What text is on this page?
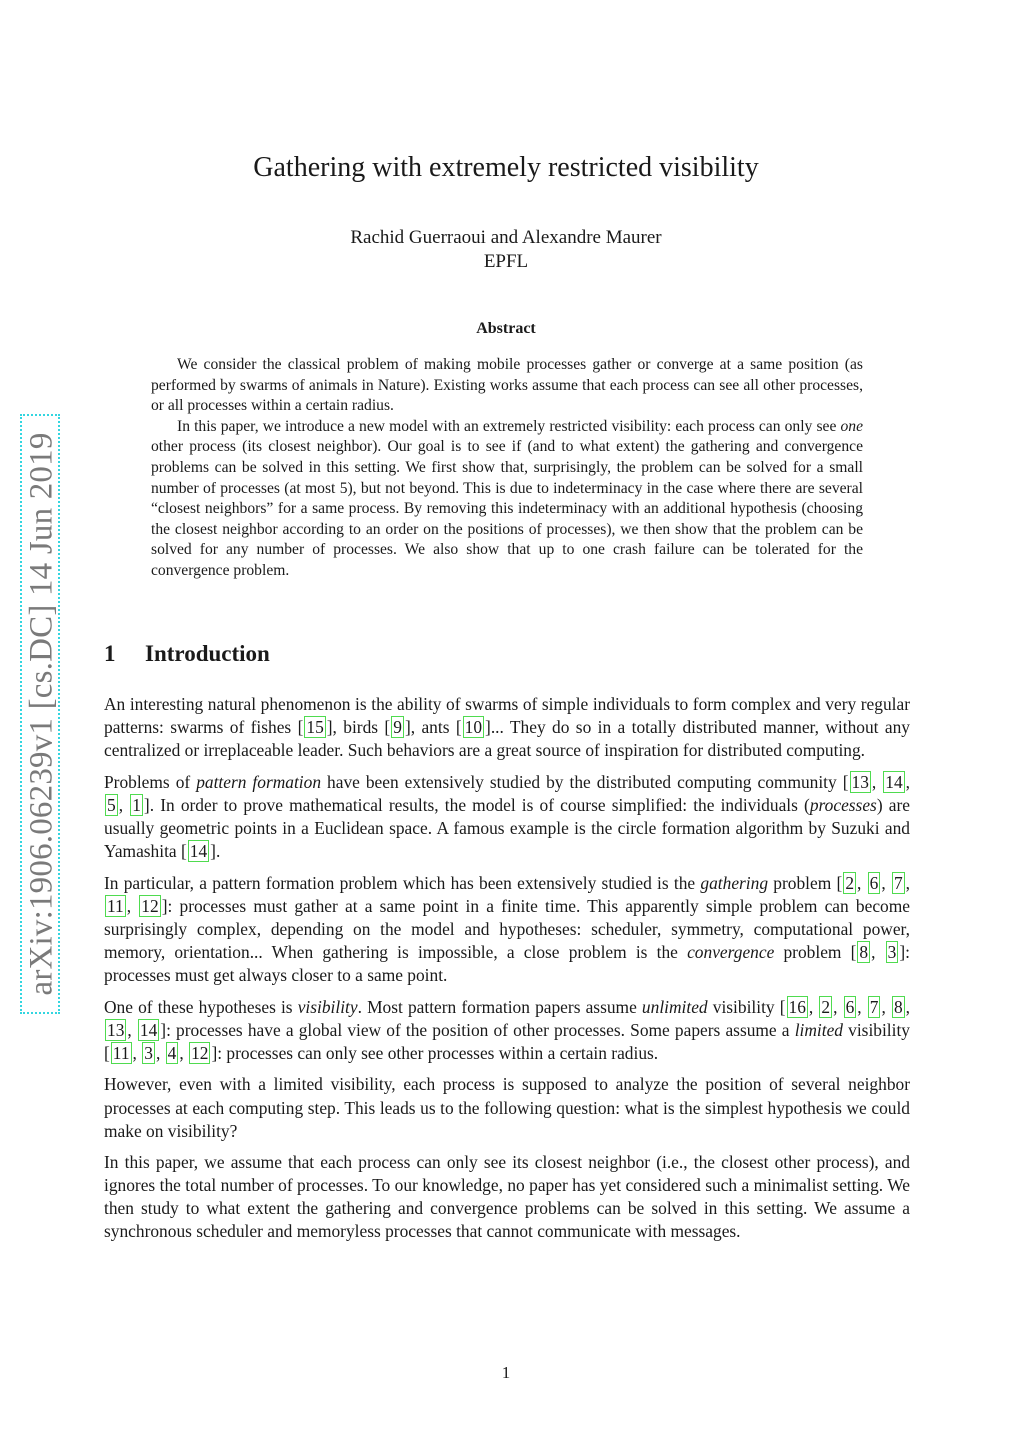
arXiv:1906.06239v1 [cs.DC] 14 Jun 2019
Gathering with extremely restricted visibility
Rachid Guerraoui and Alexandre Maurer
EPFL
Abstract

We consider the classical problem of making mobile processes gather or converge at a same position (as performed by swarms of animals in Nature). Existing works assume that each process can see all other processes, or all processes within a certain radius.

In this paper, we introduce a new model with an extremely restricted visibility: each process can only see one other process (its closest neighbor). Our goal is to see if (and to what extent) the gathering and convergence problems can be solved in this setting. We first show that, surprisingly, the problem can be solved for a small number of processes (at most 5), but not beyond. This is due to indeterminacy in the case where there are several “closest neighbors” for a same process. By removing this indeterminacy with an additional hypothesis (choosing the closest neighbor according to an order on the positions of processes), we then show that the problem can be solved for any number of processes. We also show that up to one crash failure can be tolerated for the convergence problem.

1 Introduction

An interesting natural phenomenon is the ability of swarms of simple individuals to form complex and very regular patterns: swarms of fishes [ 15 ], birds [ 9 ], ants [ 10 ]... They do so in a totally distributed manner, without any centralized or irreplaceable leader. Such behaviors are a great source of inspiration for distributed computing.

Problems of pattern formation have been extensively studied by the distributed computing community [ 13 , 14 , 5 , 1 ]. In order to prove mathematical results, the model is of course simplified: the individuals (processes) are usually geometric points in a Euclidean space. A famous example is the circle formation algorithm by Suzuki and Yamashita [ 14 ].

In particular, a pattern formation problem which has been extensively studied is the gathering problem [ 2 , 6 , 7 , 11 , 12 ]: processes must gather at a same point in a finite time. This apparently simple problem can become surprisingly complex, depending on the model and hypotheses: scheduler, symmetry, computational power, memory, orientation... When gathering is impossible, a close problem is the convergence problem [ 8 , 3 ]: processes must get always closer to a same point.

One of these hypotheses is visibility. Most pattern formation papers assume unlimited visibility [ 16 , 2 , 6 , 7 , 8 , 13 , 14 ]: processes have a global view of the position of other processes. Some papers assume a limited visibility [ 11 , 3 , 4 , 12 ]: processes can only see other processes within a certain radius.

However, even with a limited visibility, each process is supposed to analyze the position of several neighbor processes at each computing step. This leads us to the following question: what is the simplest hypothesis we could make on visibility?

In this paper, we assume that each process can only see its closest neighbor (i.e., the closest other process), and ignores the total number of processes. To our knowledge, no paper has yet considered such a minimalist setting. We then study to what extent the gathering and convergence problems can be solved in this setting. We assume a synchronous scheduler and memoryless processes that cannot communicate with messages.

1
